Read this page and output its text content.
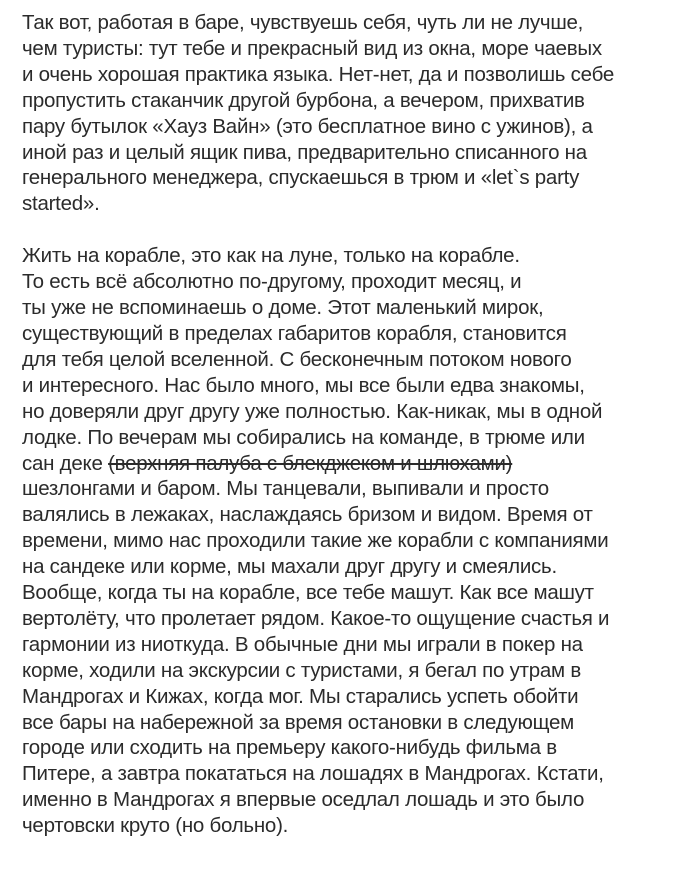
Так вот, работая в баре, чувствуешь себя, чуть ли не лучше,
чем туристы: тут тебе и прекрасный вид из окна, море чаевых
и очень хорошая практика языка. Нет-нет, да и позволишь себе
пропустить стаканчик другой бурбона, а вечером, прихватив
пару бутылок «Хауз Вайн» (это бесплатное вино с ужинов), а
иной раз и целый ящик пива, предварительно списанного на
генерального менеджера, спускаешься в трюм и «let`s party
started».

Жить на корабле, это как на луне, только на корабле.
То есть всё абсолютно по-другому, проходит месяц, и
ты уже не вспоминаешь о доме. Этот маленький мирок,
существующий в пределах габаритов корабля, становится
для тебя целой вселенной. С бесконечным потоком нового
и интересного. Нас было много, мы все были едва знакомы,
но доверяли друг другу уже полностью. Как-никак, мы в одной
лодке. По вечерам мы собирались на команде, в трюме или
сан деке (верхняя палуба с блекджеком и шлюхами)
шезлонгами и баром. Мы танцевали, выпивали и просто
валялись в лежаках, наслаждаясь бризом и видом. Время от
времени, мимо нас проходили такие же корабли с компаниями
на сандеке или корме, мы махали друг другу и смеялись.
Вообще, когда ты на корабле, все тебе машут. Как все машут
вертолёту, что пролетает рядом. Какое-то ощущение счастья и
гармонии из ниоткуда. В обычные дни мы играли в покер на
корме, ходили на экскурсии с туристами, я бегал по утрам в
Мандрогах и Кижах, когда мог. Мы старались успеть обойти
все бары на набережной за время остановки в следующем
городе или сходить на премьеру какого-нибудь фильма в
Питере, а завтра покататься на лошадях в Мандрогах. Кстати,
именно в Мандрогах я впервые оседлал лошадь и это было
чертовски круто (но больно).
